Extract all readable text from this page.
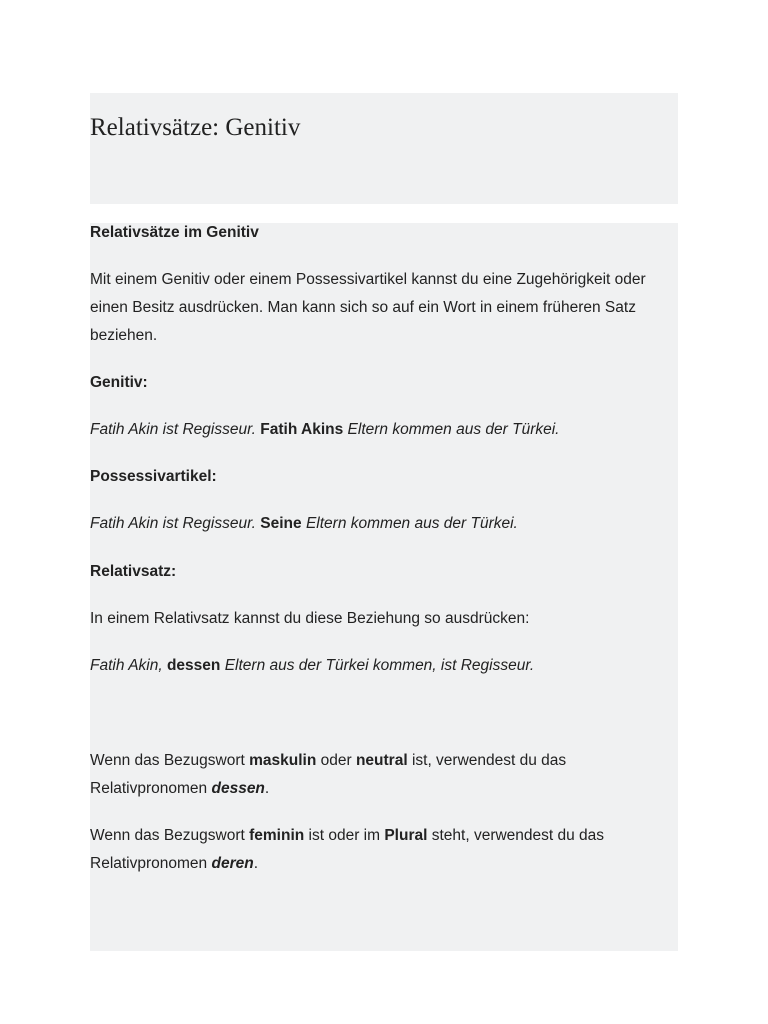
Relativsätze: Genitiv

Relativsätze im Genitiv

Mit einem Genitiv oder einem Possessivartikel kannst du eine Zugehörigkeit oder einen Besitz ausdrücken. Man kann sich so auf ein Wort in einem früheren Satz beziehen.

Genitiv:

Fatih Akin ist Regisseur. Fatih Akins Eltern kommen aus der Türkei.

Possessivartikel:

Fatih Akin ist Regisseur. Seine Eltern kommen aus der Türkei.

Relativsatz:

In einem Relativsatz kannst du diese Beziehung so ausdrücken:

Fatih Akin, dessen Eltern aus der Türkei kommen, ist Regisseur.

Wenn das Bezugswort maskulin oder neutral ist, verwendest du das Relativpronomen dessen.

Wenn das Bezugswort feminin ist oder im Plural steht, verwendest du das Relativpronomen deren.
